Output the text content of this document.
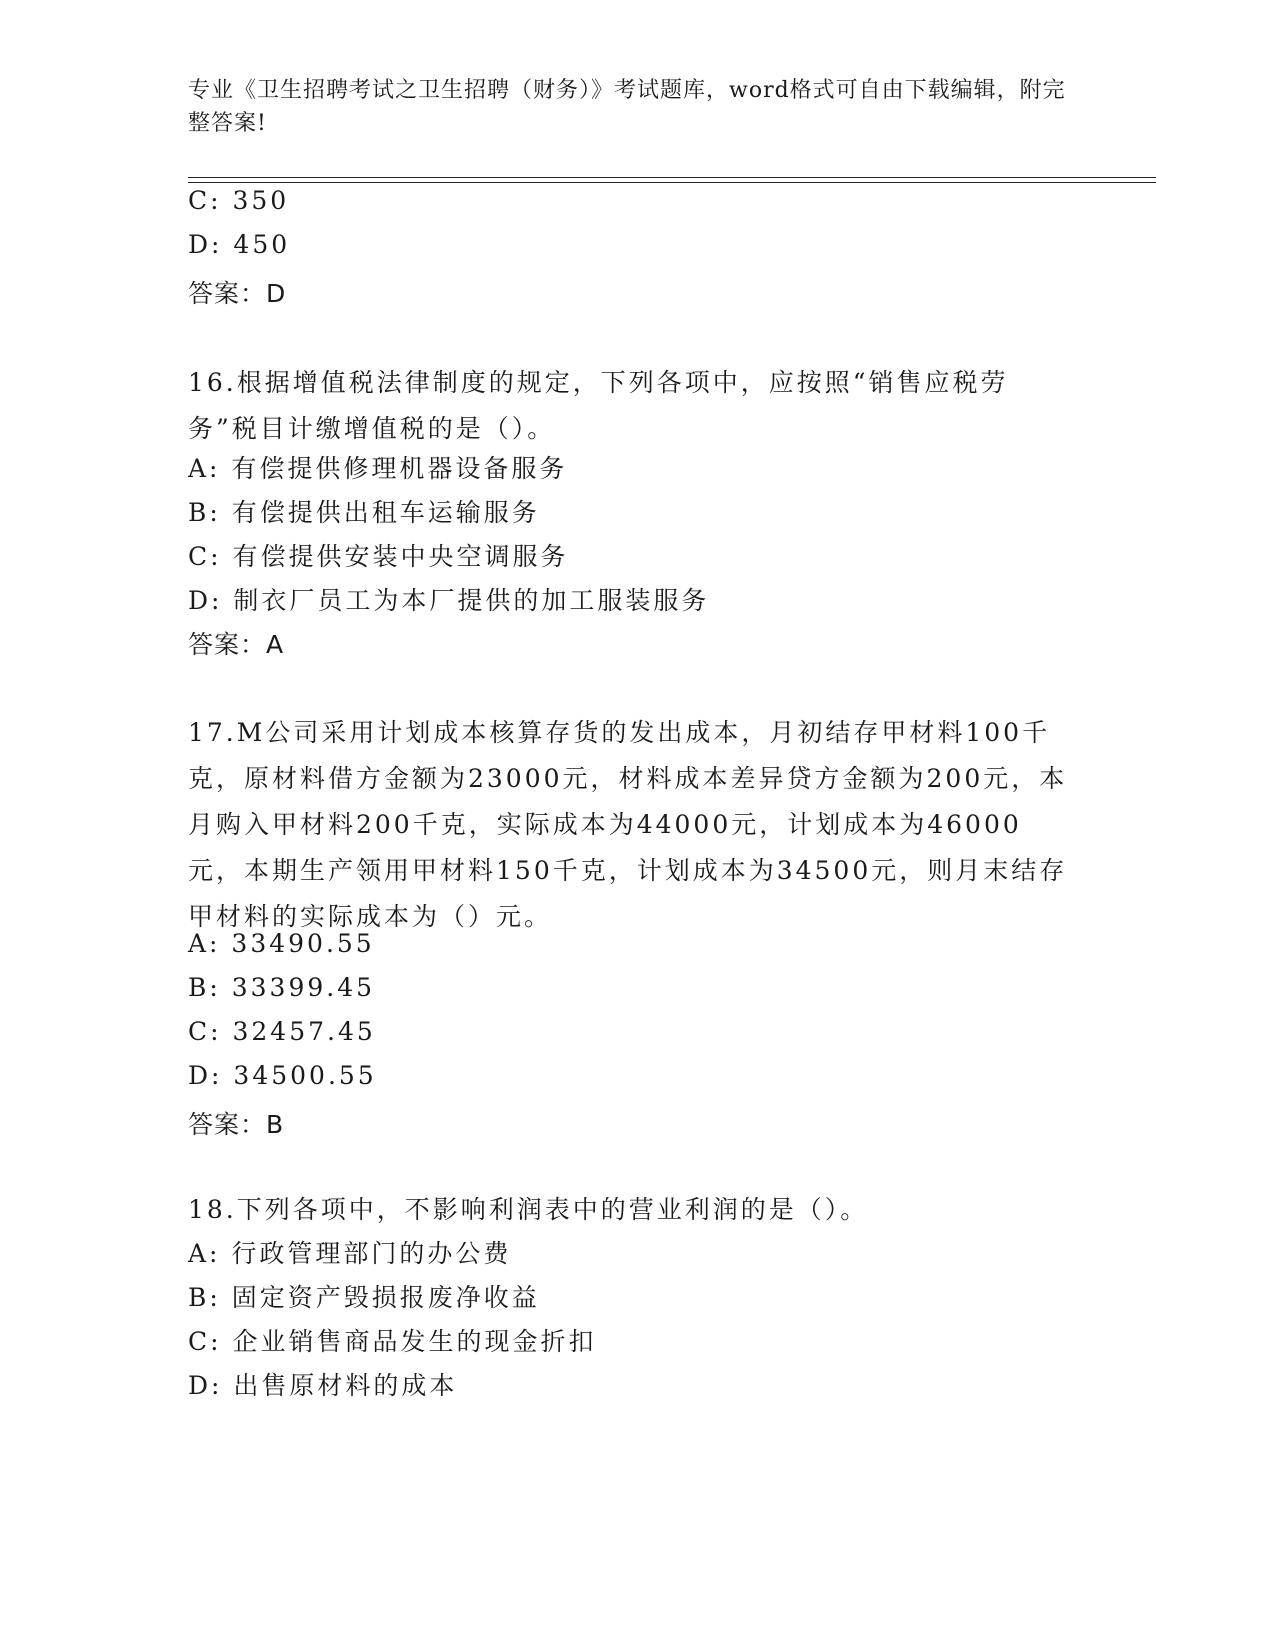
专业《卫生招聘考试之卫生招聘（财务）》考试题库，word格式可自由下载编辑，附完整答案!
C: 350
D: 450
答案：D
16.根据增值税法律制度的规定，下列各项中，应按照“销售应税劳务”税目计缴增值税的是（）。
A: 有偿提供修理机器设备服务
B: 有偿提供出租车运输服务
C: 有偿提供安装中央空调服务
D: 制衣厂员工为本厂提供的加工服装服务
答案：A
17.M公司采用计划成本核算存货的发出成本，月初结存甲材料100千克，原材料借方金额为23000元，材料成本差异贷方金额为200元，本月购入甲材料200千克，实际成本为44000元，计划成本为46000元，本期生产领用甲材料150千克，计划成本为34500元，则月末结存甲材料的实际成本为（）元。
A: 33490.55
B: 33399.45
C: 32457.45
D: 34500.55
答案：B
18.下列各项中，不影响利润表中的营业利润的是（）。
A: 行政管理部门的办公费
B: 固定资产毁损报废净收益
C: 企业销售商品发生的现金折扣
D: 出售原材料的成本
